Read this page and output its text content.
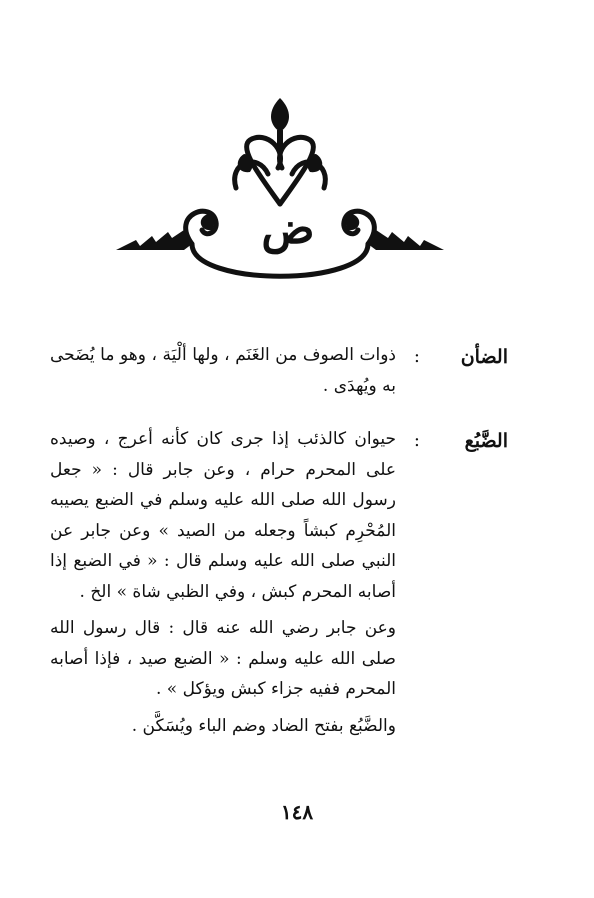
ض
الضأن
:

ذوات الصوف من الغَنَم ، ولها ألْيَة ، وهو ما يُضَحى به ويُهدَى .

الضَّبُع
:

حيوان كالذئب إذا جرى كان كأنه أعرج ، وصيده على المحرم حرام ، وعن جابر قال : « جعل رسول الله صلى الله عليه وسلم في الضبع يصيبه المُحْرِم كبشاً وجعله من الصيد » وعن جابر عن النبي صلى الله عليه وسلم قال : « في الضبع إذا أصابه المحرم كبش ، وفي الظبي شاة » الخ .

وعن جابر رضي الله عنه قال : قال رسول الله صلى الله عليه وسلم : « الضبع صيد ، فإذا أصابه المحرم ففيه جزاء كبش ويؤكل » .

والضَّبُع بفتح الضاد وضم الباء ويُسَكَّن .

١٤٨
